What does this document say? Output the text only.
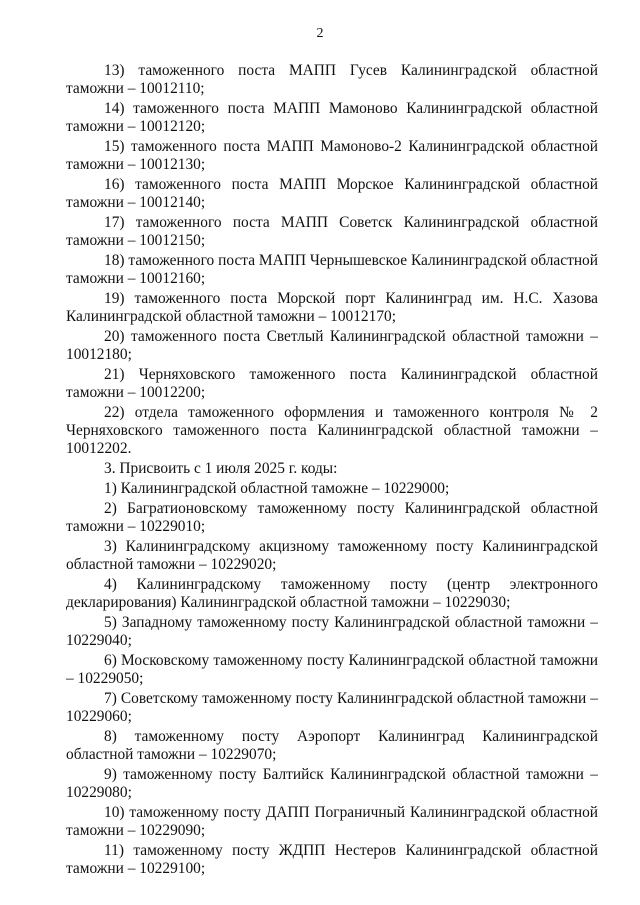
2

13) таможенного поста МАПП Гусев Калининградской областной таможни – 10012110;

14) таможенного поста МАПП Мамоново Калининградской областной таможни – 10012120;

15) таможенного поста МАПП Мамоново-2 Калининградской областной таможни – 10012130;

16) таможенного поста МАПП Морское Калининградской областной таможни – 10012140;

17) таможенного поста МАПП Советск Калининградской областной таможни – 10012150;

18) таможенного поста МАПП Чернышевское Калининградской областной таможни – 10012160;

19) таможенного поста Морской порт Калининград им. Н.С. Хазова Калининградской областной таможни – 10012170;

20) таможенного поста Светлый Калининградской областной таможни – 10012180;

21) Черняховского таможенного поста Калининградской областной таможни – 10012200;

22) отдела таможенного оформления и таможенного контроля № 2 Черняховского таможенного поста Калининградской областной таможни – 10012202.

3. Присвоить с 1 июля 2025 г. коды:

1) Калининградской областной таможне – 10229000;

2) Багратионовскому таможенному посту Калининградской областной таможни – 10229010;

3) Калининградскому акцизному таможенному посту Калининградской областной таможни – 10229020;

4) Калининградскому таможенному посту (центр электронного декларирования) Калининградской областной таможни – 10229030;

5) Западному таможенному посту Калининградской областной таможни – 10229040;

6) Московскому таможенному посту Калининградской областной таможни – 10229050;

7) Советскому таможенному посту Калининградской областной таможни – 10229060;

8) таможенному посту Аэропорт Калининград Калининградской областной таможни – 10229070;

9) таможенному посту Балтийск Калининградской областной таможни – 10229080;

10) таможенному посту ДАПП Пограничный Калининградской областной таможни – 10229090;

11) таможенному посту ЖДПП Нестеров Калининградской областной таможни – 10229100;
